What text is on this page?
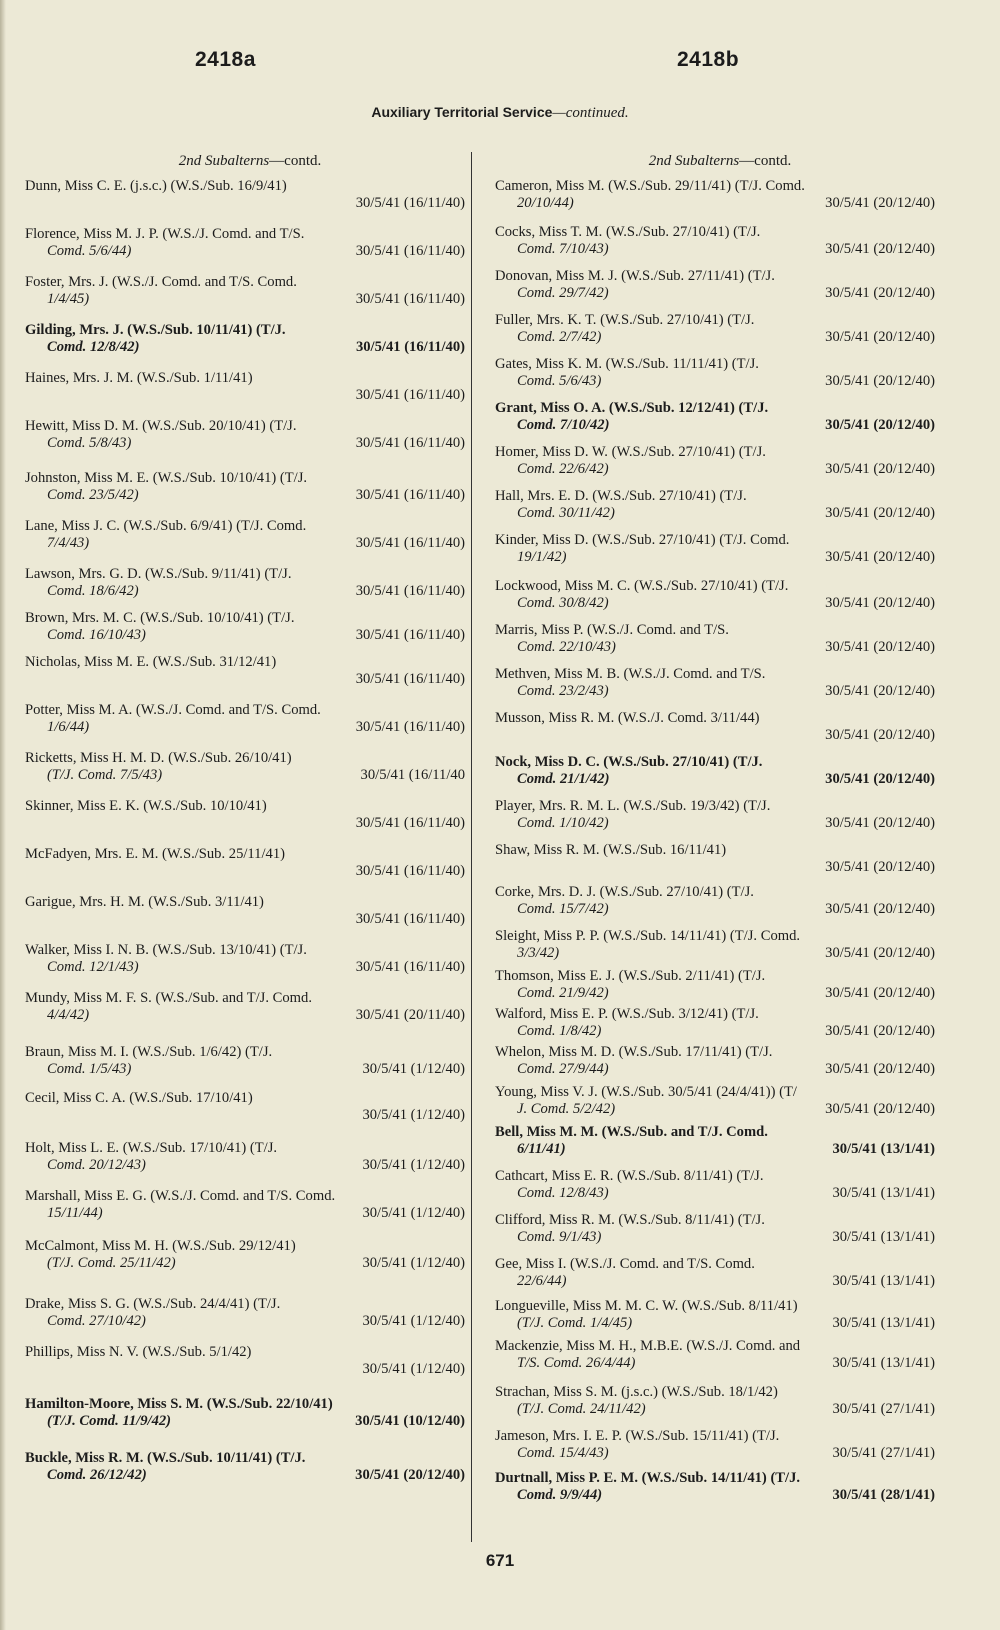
2418a	2418b
Auxiliary Territorial Service—continued.
2nd Subalterns—contd.
Dunn, Miss C. E. (j.s.c.) (W.S./Sub. 16/9/41)
30/5/41 (16/11/40)
Florence, Miss M. J. P. (W.S./J. Comd. and T/S.
Comd. 5/6/44)	30/5/41 (16/11/40)
Foster, Mrs. J. (W.S./J. Comd. and T/S. Comd.
1/4/45)	30/5/41 (16/11/40)
Gilding, Mrs. J. (W.S./Sub. 10/11/41) (T/J.
Comd. 12/8/42)	30/5/41 (16/11/40)
Haines, Mrs. J. M. (W.S./Sub. 1/11/41)
30/5/41 (16/11/40)
Hewitt, Miss D. M. (W.S./Sub. 20/10/41) (T/J.
Comd. 5/8/43)	30/5/41 (16/11/40)
Johnston, Miss M. E. (W.S./Sub. 10/10/41) (T/J.
Comd. 23/5/42)	30/5/41 (16/11/40)
Lane, Miss J. C. (W.S./Sub. 6/9/41) (T/J. Comd.
7/4/43)	30/5/41 (16/11/40)
Lawson, Mrs. G. D. (W.S./Sub. 9/11/41) (T/J.
Comd. 18/6/42)	30/5/41 (16/11/40)
Brown, Mrs. M. C. (W.S./Sub. 10/10/41) (T/J.
Comd. 16/10/43)	30/5/41 (16/11/40)
Nicholas, Miss M. E. (W.S./Sub. 31/12/41)
30/5/41 (16/11/40)
Potter, Miss M. A. (W.S./J. Comd. and T/S. Comd.
1/6/44)	30/5/41 (16/11/40)
Ricketts, Miss H. M. D. (W.S./Sub. 26/10/41)
(T/J. Comd. 7/5/43)	30/5/41 (16/11/40
Skinner, Miss E. K. (W.S./Sub. 10/10/41)
30/5/41 (16/11/40)
McFadyen, Mrs. E. M. (W.S./Sub. 25/11/41)
30/5/41 (16/11/40)
Garigue, Mrs. H. M. (W.S./Sub. 3/11/41)
30/5/41 (16/11/40)
Walker, Miss I. N. B. (W.S./Sub. 13/10/41) (T/J.
Comd. 12/1/43)	30/5/41 (16/11/40)
Mundy, Miss M. F. S. (W.S./Sub. and T/J. Comd.
4/4/42)	30/5/41 (20/11/40)
Braun, Miss M. I. (W.S./Sub. 1/6/42) (T/J.
Comd. 1/5/43)	30/5/41 (1/12/40)
Cecil, Miss C. A. (W.S./Sub. 17/10/41)
30/5/41 (1/12/40)
Holt, Miss L. E. (W.S./Sub. 17/10/41) (T/J.
Comd. 20/12/43)	30/5/41 (1/12/40)
Marshall, Miss E. G. (W.S./J. Comd. and T/S. Comd.
15/11/44)	30/5/41 (1/12/40)
McCalmont, Miss M. H. (W.S./Sub. 29/12/41)
(T/J. Comd. 25/11/42)	30/5/41 (1/12/40)
Drake, Miss S. G. (W.S./Sub. 24/4/41) (T/J.
Comd. 27/10/42)	30/5/41 (1/12/40)
Phillips, Miss N. V. (W.S./Sub. 5/1/42)
30/5/41 (1/12/40)
Hamilton-Moore, Miss S. M. (W.S./Sub. 22/10/41)
(T/J. Comd. 11/9/42)	30/5/41 (10/12/40)
Buckle, Miss R. M. (W.S./Sub. 10/11/41) (T/J.
Comd. 26/12/42)	30/5/41 (20/12/40)
2nd Subalterns—contd.
Cameron, Miss M. (W.S./Sub. 29/11/41) (T/J. Comd.
20/10/44)	30/5/41 (20/12/40)
Cocks, Miss T. M. (W.S./Sub. 27/10/41) (T/J.
Comd. 7/10/43)	30/5/41 (20/12/40)
Donovan, Miss M. J. (W.S./Sub. 27/11/41) (T/J.
Comd. 29/7/42)	30/5/41 (20/12/40)
Fuller, Mrs. K. T. (W.S./Sub. 27/10/41) (T/J.
Comd. 2/7/42)	30/5/41 (20/12/40)
Gates, Miss K. M. (W.S./Sub. 11/11/41) (T/J.
Comd. 5/6/43)	30/5/41 (20/12/40)
Grant, Miss O. A. (W.S./Sub. 12/12/41) (T/J.
Comd. 7/10/42)	30/5/41 (20/12/40)
Homer, Miss D. W. (W.S./Sub. 27/10/41) (T/J.
Comd. 22/6/42)	30/5/41 (20/12/40)
Hall, Mrs. E. D. (W.S./Sub. 27/10/41) (T/J.
Comd. 30/11/42)	30/5/41 (20/12/40)
Kinder, Miss D. (W.S./Sub. 27/10/41) (T/J. Comd.
19/1/42)	30/5/41 (20/12/40)
Lockwood, Miss M. C. (W.S./Sub. 27/10/41) (T/J.
Comd. 30/8/42)	30/5/41 (20/12/40)
Marris, Miss P. (W.S./J. Comd. and T/S.
Comd. 22/10/43)	30/5/41 (20/12/40)
Methven, Miss M. B. (W.S./J. Comd. and T/S.
Comd. 23/2/43)	30/5/41 (20/12/40)
Musson, Miss R. M. (W.S./J. Comd. 3/11/44)
30/5/41 (20/12/40)
Nock, Miss D. C. (W.S./Sub. 27/10/41) (T/J.
Comd. 21/1/42)	30/5/41 (20/12/40)
Player, Mrs. R. M. L. (W.S./Sub. 19/3/42) (T/J.
Comd. 1/10/42)	30/5/41 (20/12/40)
Shaw, Miss R. M. (W.S./Sub. 16/11/41)
30/5/41 (20/12/40)
Corke, Mrs. D. J. (W.S./Sub. 27/10/41) (T/J.
Comd. 15/7/42)	30/5/41 (20/12/40)
Sleight, Miss P. P. (W.S./Sub. 14/11/41) (T/J. Comd.
3/3/42)	30/5/41 (20/12/40)
Thomson, Miss E. J. (W.S./Sub. 2/11/41) (T/J.
Comd. 21/9/42)	30/5/41 (20/12/40)
Walford, Miss E. P. (W.S./Sub. 3/12/41) (T/J.
Comd. 1/8/42)	30/5/41 (20/12/40)
Whelon, Miss M. D. (W.S./Sub. 17/11/41) (T/J.
Comd. 27/9/44)	30/5/41 (20/12/40)
Young, Miss V. J. (W.S./Sub. 30/5/41 (24/4/41)) (T/
J. Comd. 5/2/42)	30/5/41 (20/12/40)
Bell, Miss M. M. (W.S./Sub. and T/J. Comd.
6/11/41)	30/5/41 (13/1/41)
Cathcart, Miss E. R. (W.S./Sub. 8/11/41) (T/J.
Comd. 12/8/43)	30/5/41 (13/1/41)
Clifford, Miss R. M. (W.S./Sub. 8/11/41) (T/J.
Comd. 9/1/43)	30/5/41 (13/1/41)
Gee, Miss I. (W.S./J. Comd. and T/S. Comd.
22/6/44)	30/5/41 (13/1/41)
Longueville, Miss M. M. C. W. (W.S./Sub. 8/11/41)
(T/J. Comd. 1/4/45)	30/5/41 (13/1/41)
Mackenzie, Miss M. H., M.B.E. (W.S./J. Comd. and
T/S. Comd. 26/4/44)	30/5/41 (13/1/41)
Strachan, Miss S. M. (j.s.c.) (W.S./Sub. 18/1/42)
(T/J. Comd. 24/11/42)	30/5/41 (27/1/41)
Jameson, Mrs. I. E. P. (W.S./Sub. 15/11/41) (T/J.
Comd. 15/4/43)	30/5/41 (27/1/41)
Durtnall, Miss P. E. M. (W.S./Sub. 14/11/41) (T/J.
Comd. 9/9/44)	30/5/41 (28/1/41)
671
